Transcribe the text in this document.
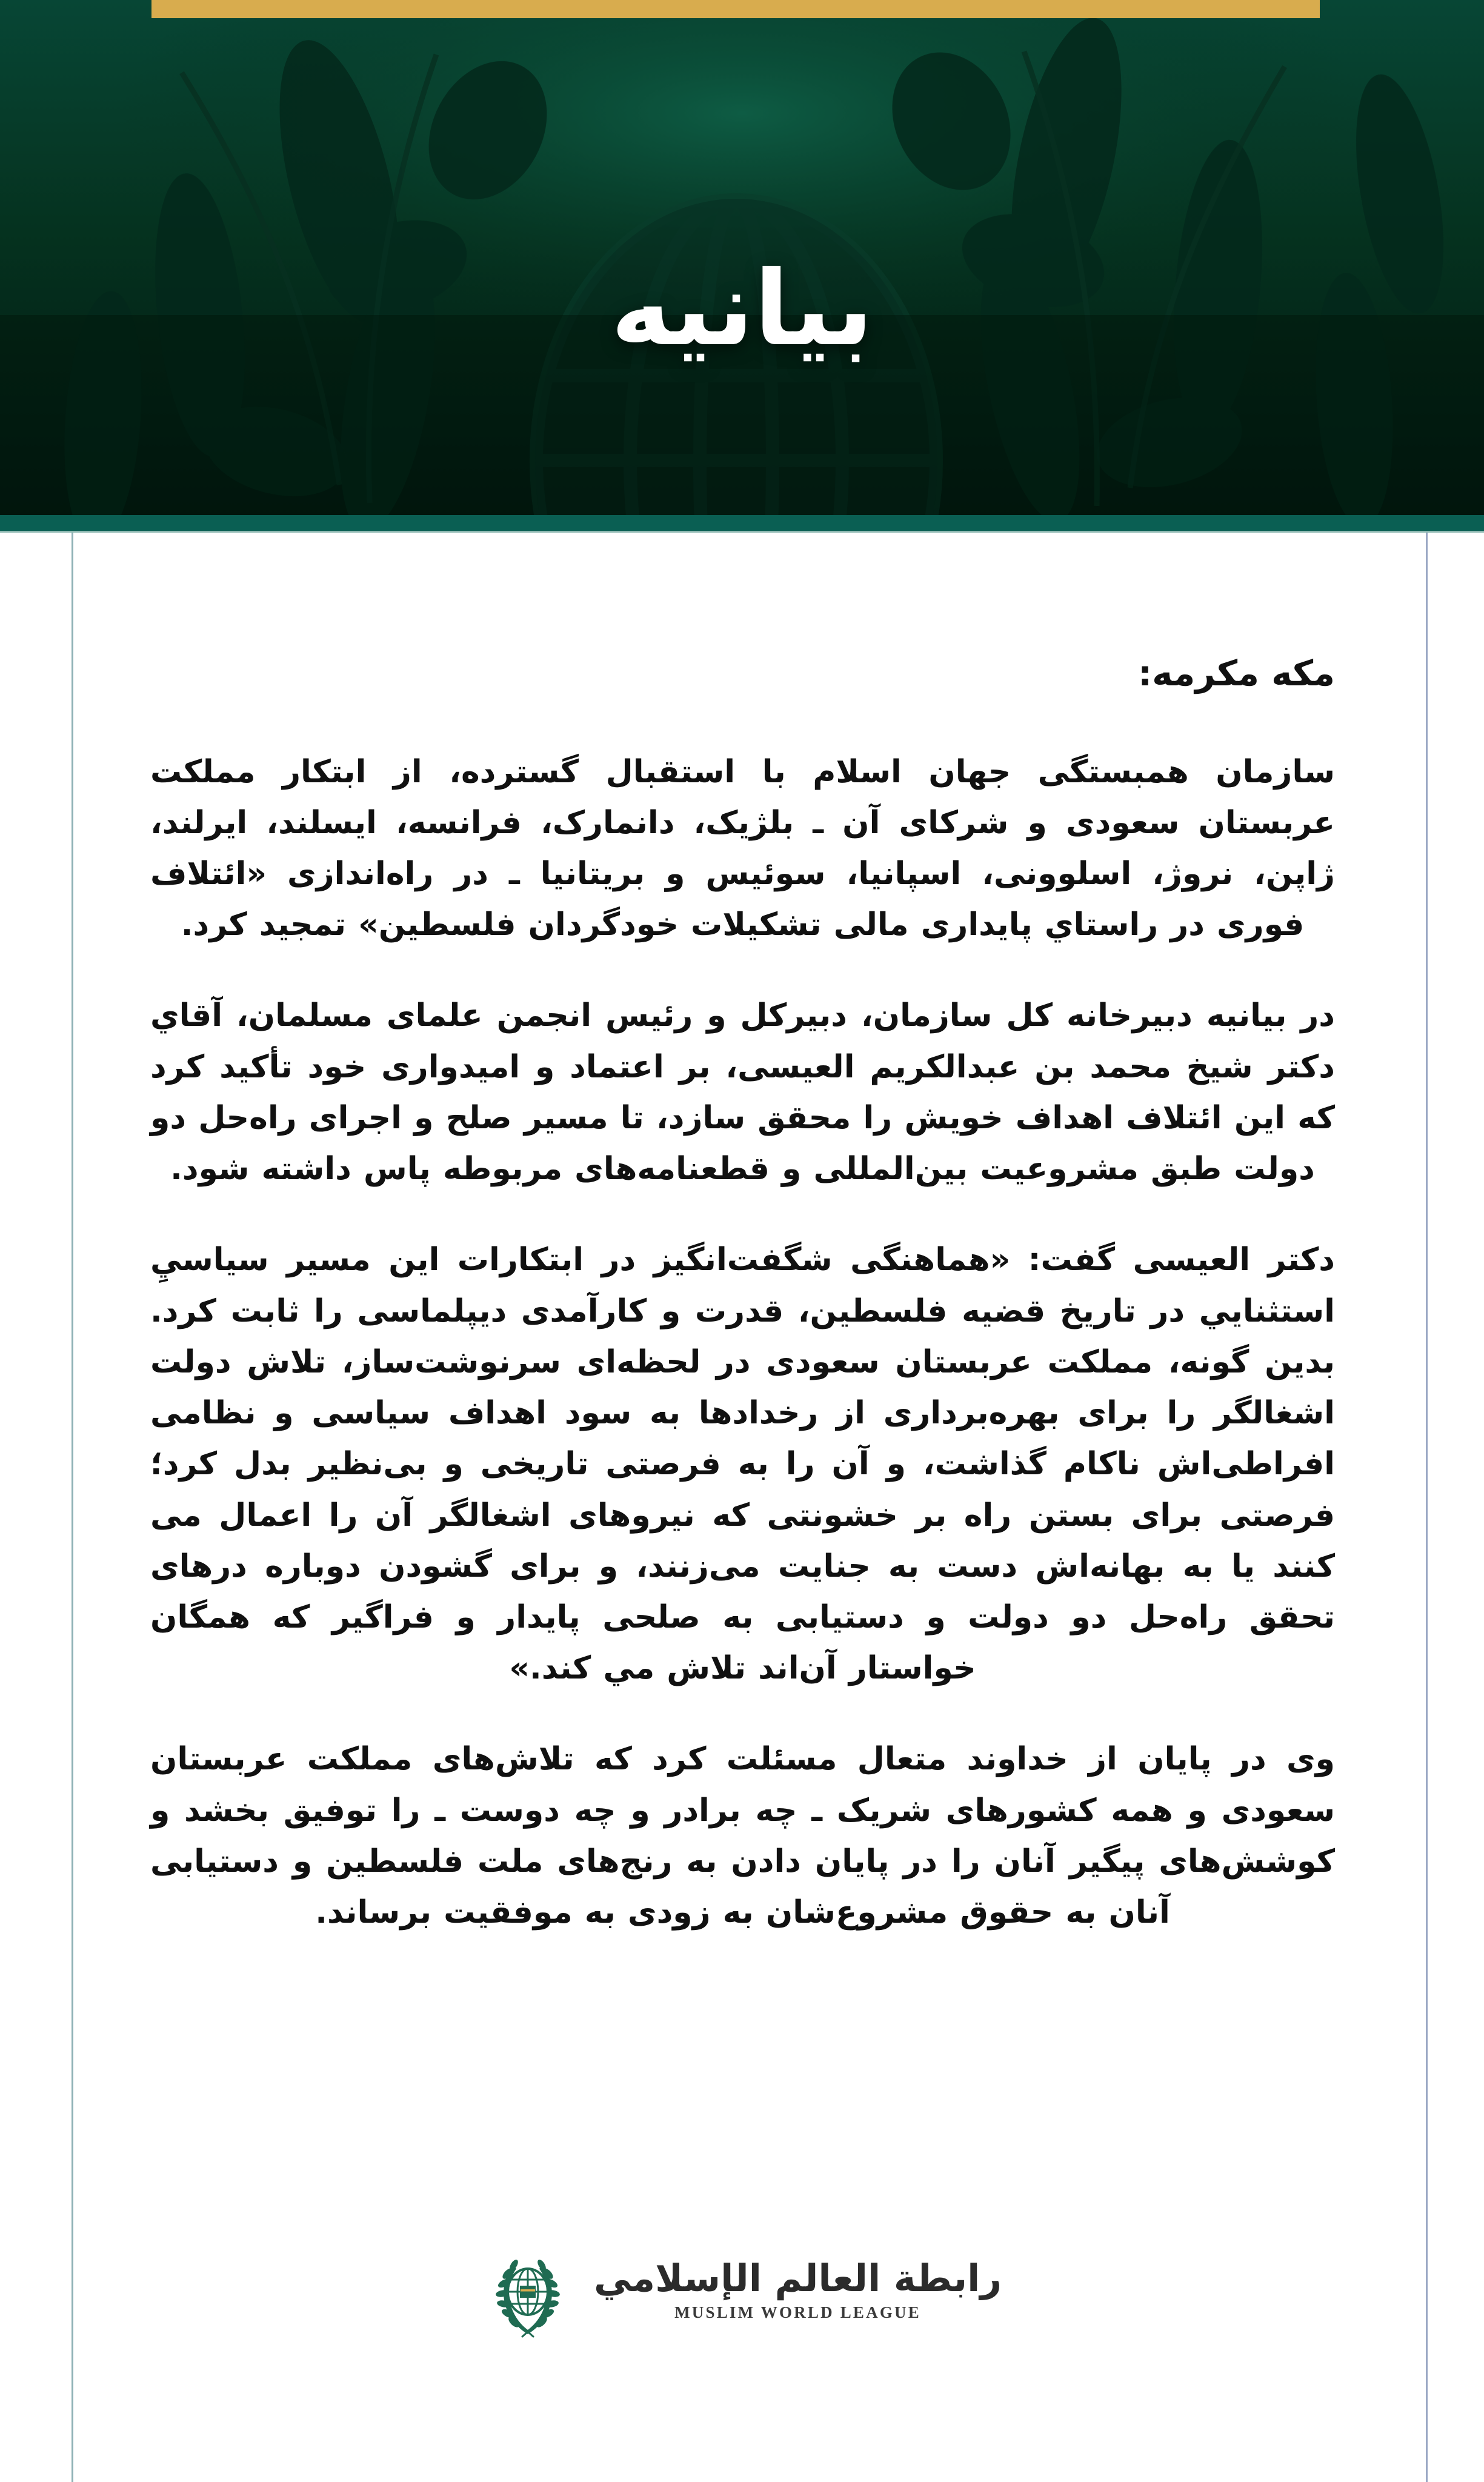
بیانیه
مکه مکرمه:

سازمان همبستگی جهان اسلام با استقبال گسترده، از ابتکار مملکت عربستان سعودی و شرکای آن ـ بلژیک، دانمارک، فرانسه، ایسلند، ایرلند، ژاپن، نروژ، اسلوونی، اسپانیا، سوئیس و بریتانیا ـ در راه‌اندازی «ائتلاف فوری در راستاي پایداری مالی تشکیلات خودگردان فلسطین» تمجید کرد.

در بیانیه دبیرخانه کل سازمان، دبیرکل و رئیس انجمن علمای مسلمان، آقاي دکتر شیخ محمد بن عبدالکریم العیسی، بر اعتماد و امیدواری خود تأکید کرد که این ائتلاف اهداف خویش را محقق سازد، تا مسیر صلح و اجرای راه‌حل دو دولت طبق مشروعیت بین‌المللی و قطعنامه‌های مربوطه پاس داشته شود.

دکتر العیسی گفت: «هماهنگی شگفت‌انگیز در ابتکارات این مسیر سیاسيِ استثنایي در تاریخ قضیه فلسطین، قدرت و کارآمدی دیپلماسی را ثابت کرد. بدین گونه، مملکت عربستان سعودی در لحظه‌ای سرنوشت‌ساز، تلاش دولت اشغالگر را برای بهره‌برداری از رخدادها به سود اهداف سیاسی و نظامی افراطی‌اش ناکام گذاشت، و آن را به فرصتی تاریخی و بی‌نظیر بدل کرد؛ فرصتی برای بستن راه بر خشونتی که نیروهای اشغالگر آن را اعمال می کنند یا به بهانه‌اش دست به جنایت می‌زنند، و برای گشودن دوباره درهای تحقق راه‌حل دو دولت و دستیابی به صلحی پایدار و فراگیر که همگان خواستار آن‌اند تلاش مي کند.»

وی در پایان از خداوند متعال مسئلت کرد که تلاش‌های مملکت عربستان سعودی و همه کشورهای شریک ـ چه برادر و چه دوست ـ را توفیق بخشد و کوشش‌های پیگیر آنان را در پایان دادن به رنج‌های ملت فلسطین و دستیابی آنان به حقوق مشروع‌شان به زودی به موفقیت برساند.

رابطة العالم الإسلامي
MUSLIM WORLD LEAGUE
